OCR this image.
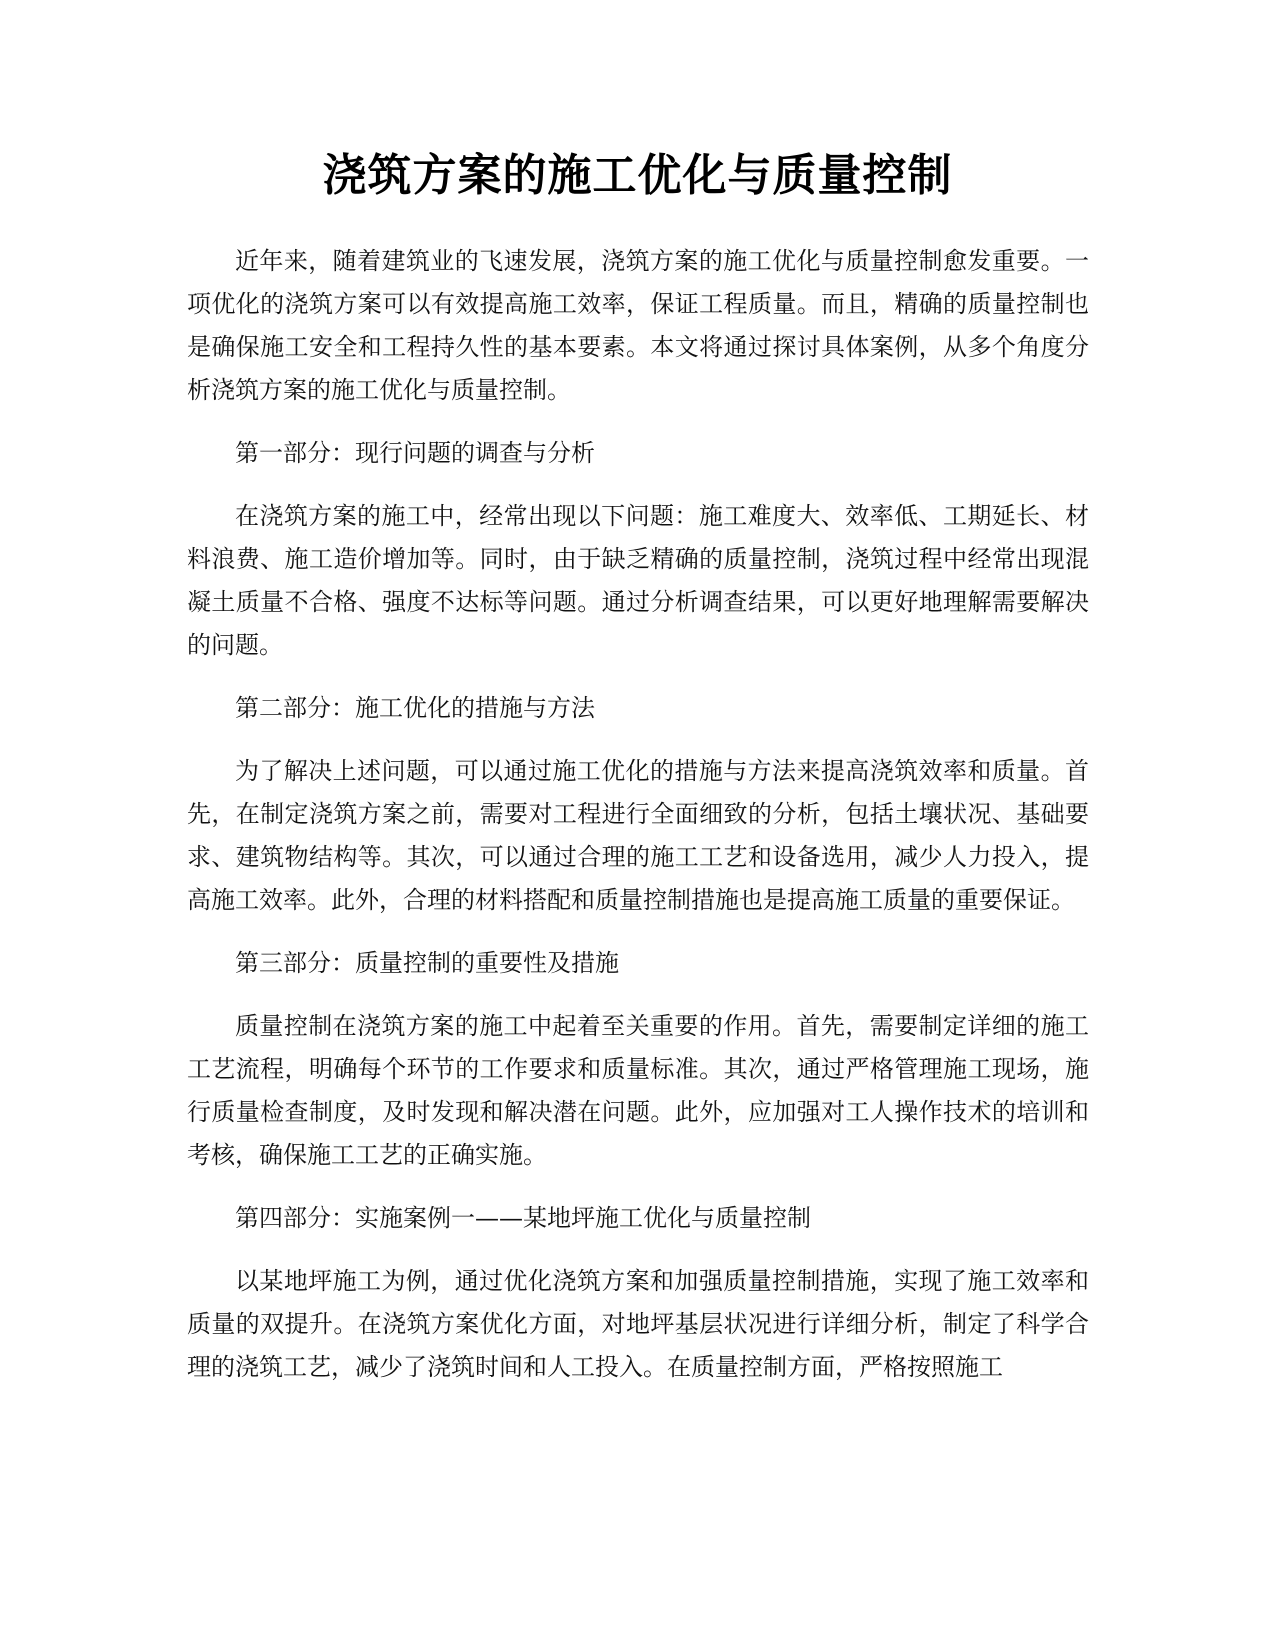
浇筑方案的施工优化与质量控制

近年来，随着建筑业的飞速发展，浇筑方案的施工优化与质量控制愈发重要。一项优化的浇筑方案可以有效提高施工效率，保证工程质量。而且，精确的质量控制也是确保施工安全和工程持久性的基本要素。本文将通过探讨具体案例，从多个角度分析浇筑方案的施工优化与质量控制。

第一部分：现行问题的调查与分析

在浇筑方案的施工中，经常出现以下问题：施工难度大、效率低、工期延长、材料浪费、施工造价增加等。同时，由于缺乏精确的质量控制，浇筑过程中经常出现混凝土质量不合格、强度不达标等问题。通过分析调查结果，可以更好地理解需要解决的问题。

第二部分：施工优化的措施与方法

为了解决上述问题，可以通过施工优化的措施与方法来提高浇筑效率和质量。首先，在制定浇筑方案之前，需要对工程进行全面细致的分析，包括土壤状况、基础要求、建筑物结构等。其次，可以通过合理的施工工艺和设备选用，减少人力投入，提高施工效率。此外，合理的材料搭配和质量控制措施也是提高施工质量的重要保证。

第三部分：质量控制的重要性及措施

质量控制在浇筑方案的施工中起着至关重要的作用。首先，需要制定详细的施工工艺流程，明确每个环节的工作要求和质量标准。其次，通过严格管理施工现场，施行质量检查制度，及时发现和解决潜在问题。此外，应加强对工人操作技术的培训和考核，确保施工工艺的正确实施。

第四部分：实施案例一——某地坪施工优化与质量控制

以某地坪施工为例，通过优化浇筑方案和加强质量控制措施，实现了施工效率和质量的双提升。在浇筑方案优化方面，对地坪基层状况进行详细分析，制定了科学合理的浇筑工艺，减少了浇筑时间和人工投入。在质量控制方面，严格按照施工
